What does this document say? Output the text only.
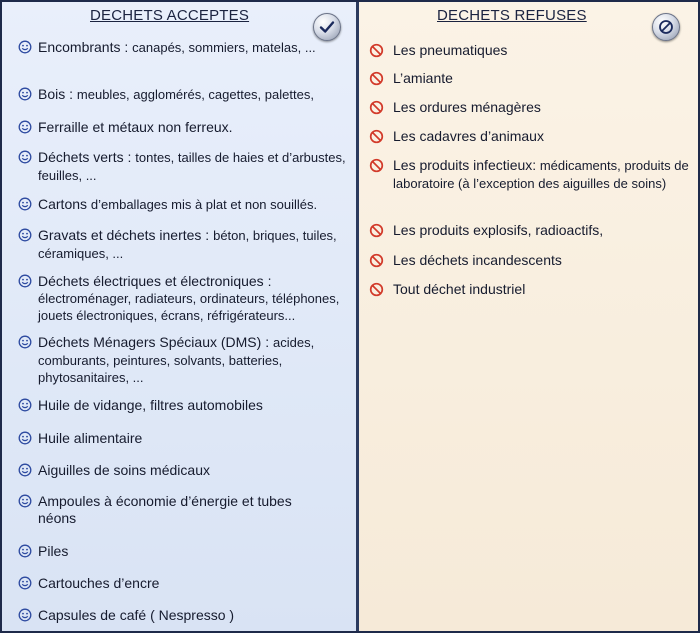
DECHETS ACCEPTES
Encombrants : canapés, sommiers, matelas, ...
Bois : meubles, agglomérés, cagettes, palettes,
Ferraille et métaux non ferreux.
Déchets verts : tontes, tailles de haies et d’arbustes, feuilles, ...
Cartons d’emballages mis à plat et non souillés.
Gravats et déchets inertes : béton, briques, tuiles, céramiques, ...
Déchets électriques et électroniques : électroménager, radiateurs, ordinateurs, téléphones, jouets électroniques, écrans, réfrigérateurs...
Déchets Ménagers Spéciaux (DMS) : acides, comburants, peintures, solvants, batteries, phytosanitaires, ...
Huile de vidange, filtres automobiles
Huile alimentaire
Aiguilles de soins médicaux
Ampoules à économie d’énergie et tubes néons
Piles
Cartouches d’encre
Capsules de café ( Nespresso )
DECHETS REFUSES
Les pneumatiques
L’amiante
Les ordures ménagères
Les cadavres d’animaux
Les produits infectieux: médicaments, produits de laboratoire (à l’exception des aiguilles de soins)
Les produits explosifs, radioactifs,
Les déchets incandescents
Tout déchet industriel
